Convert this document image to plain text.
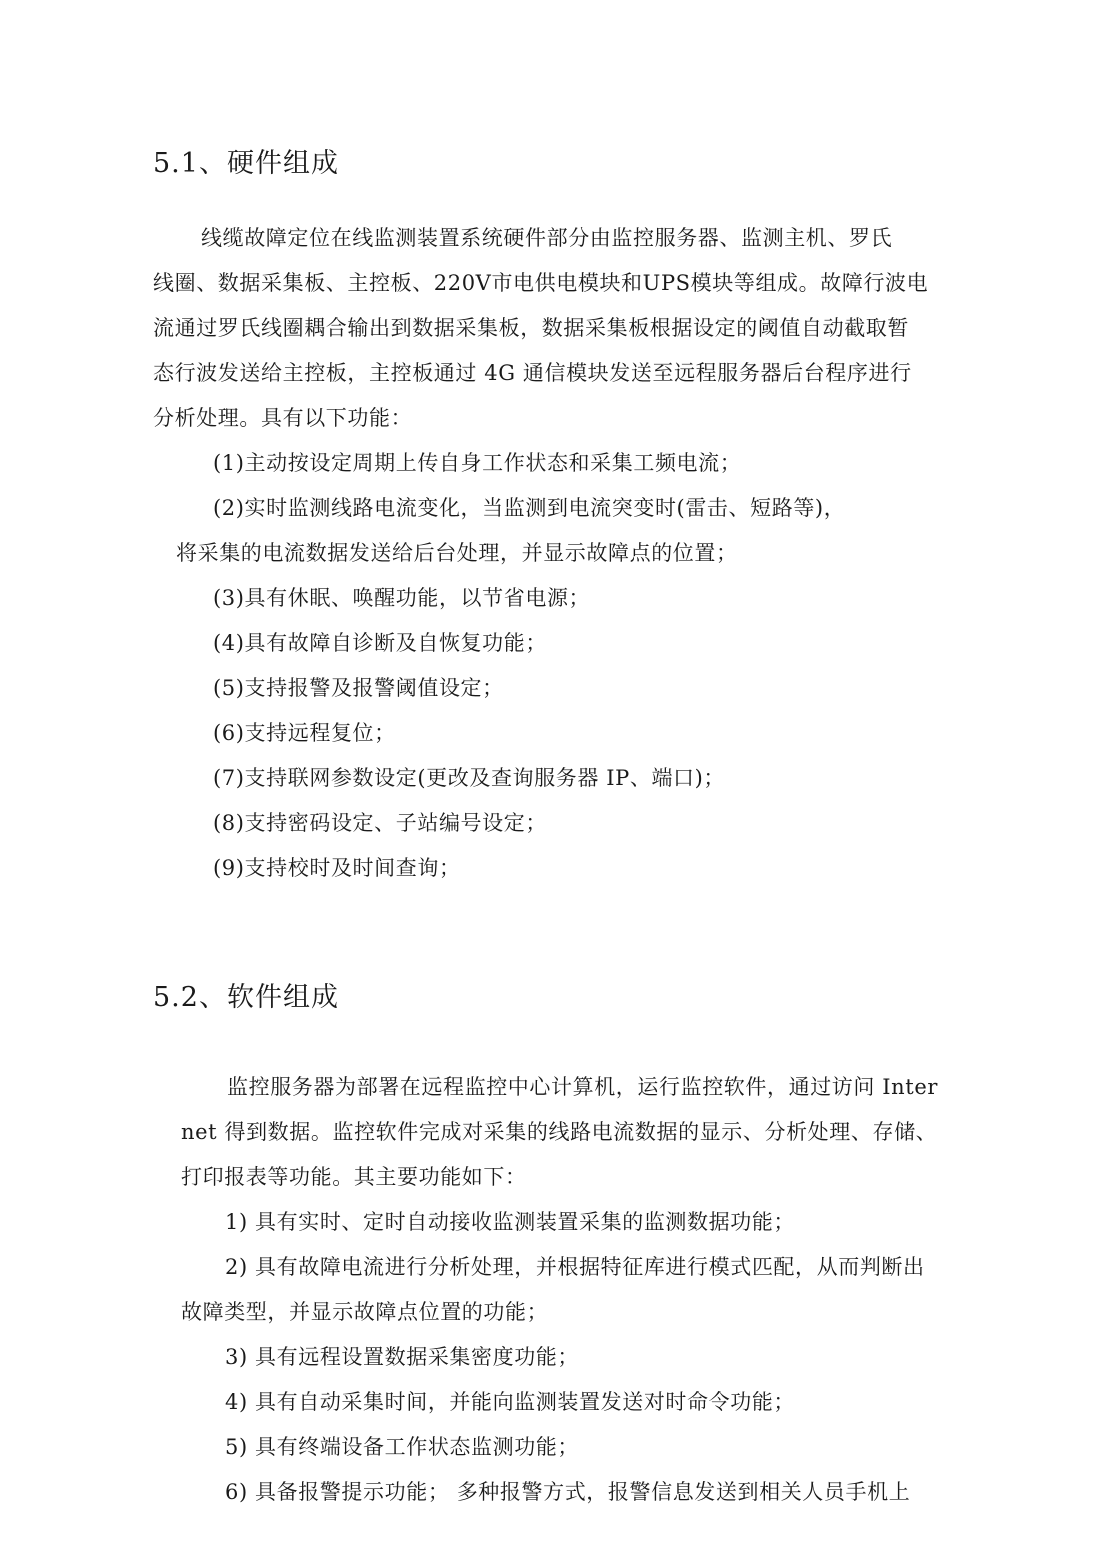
5.1、硬件组成
线缆故障定位在线监测装置系统硬件部分由监控服务器、监测主机、罗氏
线圈、数据采集板、主控板、220V市电供电模块和UPS模块等组成。故障行波电
流通过罗氏线圈耦合输出到数据采集板，数据采集板根据设定的阈值自动截取暂
态行波发送给主控板，主控板通过 4G 通信模块发送至远程服务器后台程序进行
分析处理。具有以下功能：
(1)主动按设定周期上传自身工作状态和采集工频电流；
(2)实时监测线路电流变化，当监测到电流突变时(雷击、短路等)，
将采集的电流数据发送给后台处理，并显示故障点的位置；
(3)具有休眠、唤醒功能，以节省电源；
(4)具有故障自诊断及自恢复功能；
(5)支持报警及报警阈值设定；
(6)支持远程复位；
(7)支持联网参数设定(更改及查询服务器 IP、端口)；
(8)支持密码设定、子站编号设定；
(9)支持校时及时间查询；
5.2、软件组成
监控服务器为部署在远程监控中心计算机，运行监控软件，通过访问 Inter
net 得到数据。监控软件完成对采集的线路电流数据的显示、分析处理、存储、
打印报表等功能。其主要功能如下：
1) 具有实时、定时自动接收监测装置采集的监测数据功能；
2) 具有故障电流进行分析处理，并根据特征库进行模式匹配，从而判断出
故障类型，并显示故障点位置的功能；
3) 具有远程设置数据采集密度功能；
4) 具有自动采集时间，并能向监测装置发送对时命令功能；
5) 具有终端设备工作状态监测功能；
6) 具备报警提示功能； 多种报警方式，报警信息发送到相关人员手机上
